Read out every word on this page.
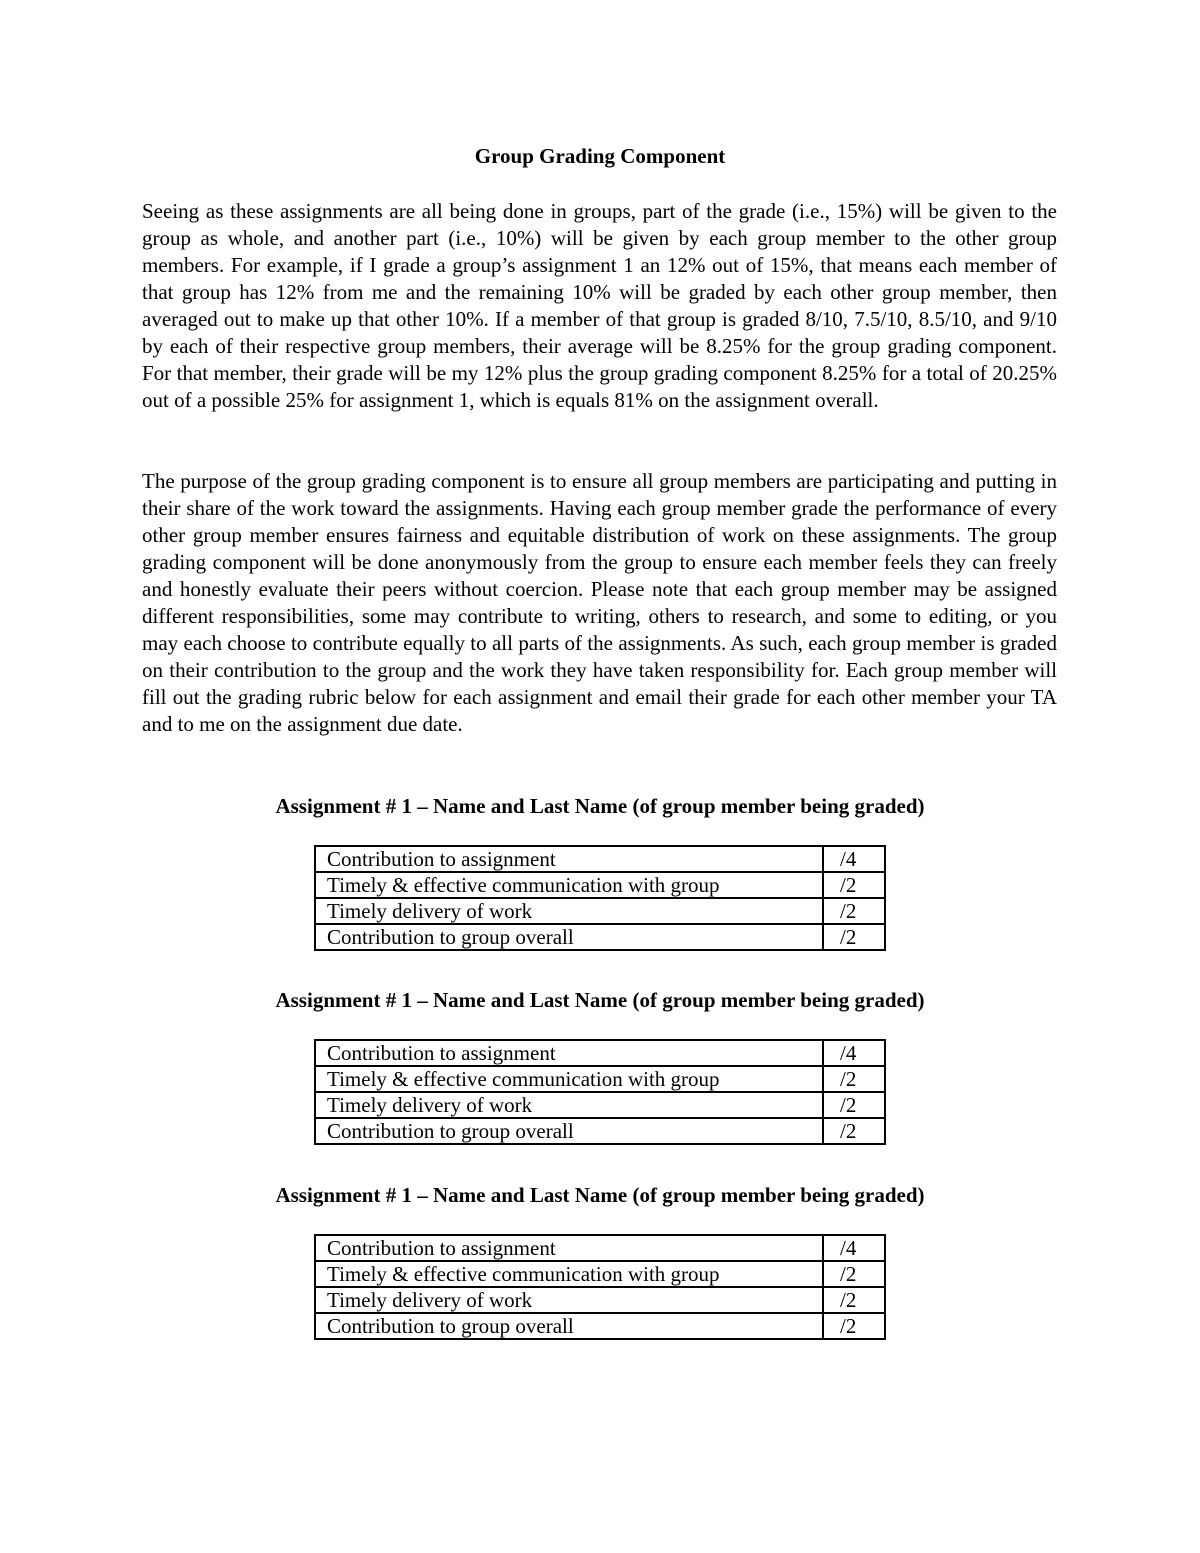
Group Grading Component

Seeing as these assignments are all being done in groups, part of the grade (i.e., 15%) will be given to the group as whole, and another part (i.e., 10%) will be given by each group member to the other group members. For example, if I grade a group’s assignment 1 an 12% out of 15%, that means each member of that group has 12% from me and the remaining 10% will be graded by each other group member, then averaged out to make up that other 10%. If a member of that group is graded 8/10, 7.5/10, 8.5/10, and 9/10 by each of their respective group members, their average will be 8.25% for the group grading component. For that member, their grade will be my 12% plus the group grading component 8.25% for a total of 20.25% out of a possible 25% for assignment 1, which is equals 81% on the assignment overall.

The purpose of the group grading component is to ensure all group members are participating and putting in their share of the work toward the assignments. Having each group member grade the performance of every other group member ensures fairness and equitable distribution of work on these assignments. The group grading component will be done anonymously from the group to ensure each member feels they can freely and honestly evaluate their peers without coercion. Please note that each group member may be assigned different responsibilities, some may contribute to writing, others to research, and some to editing, or you may each choose to contribute equally to all parts of the assignments. As such, each group member is graded on their contribution to the group and the work they have taken responsibility for. Each group member will fill out the grading rubric below for each assignment and email their grade for each other member your TA and to me on the assignment due date.

Assignment # 1 – Name and Last Name (of group member being graded)
Contribution to assignment	/4
Timely & effective communication with group	/2
Timely delivery of work	/2
Contribution to group overall	/2
Assignment # 1 – Name and Last Name (of group member being graded)
Contribution to assignment	/4
Timely & effective communication with group	/2
Timely delivery of work	/2
Contribution to group overall	/2
Assignment # 1 – Name and Last Name (of group member being graded)
Contribution to assignment	/4
Timely & effective communication with group	/2
Timely delivery of work	/2
Contribution to group overall	/2
